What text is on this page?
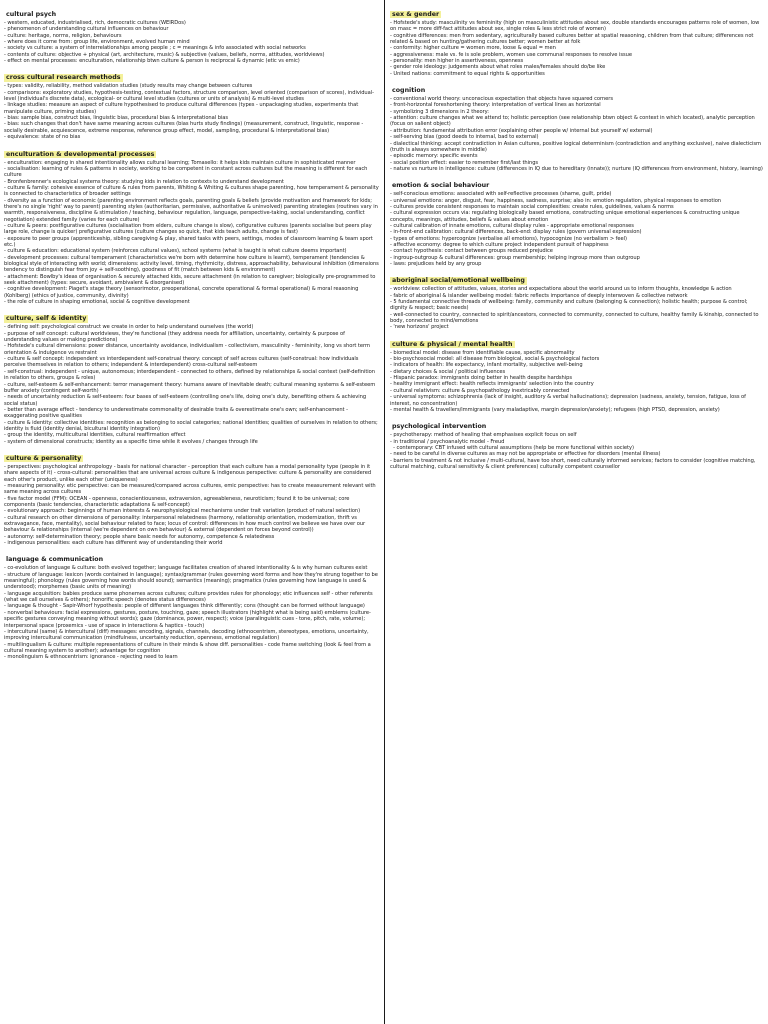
cultural psych
- western, educated, industrialised, rich, democratic cultures (WEIRDos)
- phenomenon of understanding cultural influences on behaviour
- culture: heritage, norms, religion, behaviours
- where does it come from: group life, environment, evolved human mind
- society vs culture: a system of interrelationships among people ; c = meanings & info associated with social networks
- contents of culture: objective + physical (art, architecture, music) & subjective (values, beliefs, norms, attitudes, worldviews)
- effect on mental processes: enculturation, relationship btwn culture & person is reciprocal & dynamic (etic vs emic)
cross cultural research methods
- types: validity, reliability, method validation studies (study results may change between cultures
- comparisons: exploratory studies, hypothesis-testing, contextual factors, structure comparison, level oriented (comparison of scores), individual-level (individual's discrete data), ecological- or cultural level studies (cultures or units of analysis) & multi-level studies
- linkage studies: measure an aspect of culture hypothesised to produce cultural differences (types - unpackaging studies, experiments that manipulate culture, priming studies)
- bias: sample bias, construct bias, linguistic bias, procedural bias & interpretational bias
- bias: such changes that don't have same meaning across cultures (bias hurts study findings) (measurement, construct, linguistic, response - socially desirable, acquiescence, extreme response, reference group effect, model, sampling, procedural & interpretational bias)
- equivalence: state of no bias
enculturation & developmental processes
- enculturation: engaging in shared intentionality allows cultural learning; Tomasello: it helps kids maintain culture in sophisticated manner
- socialisation: learning of rules & patterns in society, working to be competent in constant across cultures but the meaning is different for each culture
- Bronfenbrenner's ecological systems theory: studying kids in relation to contexts to understand development
- culture & family: cohesive essence of culture & rules from parents, Whiting & Whiting & cultures shape parenting, how temperament & personality is connected to characteristics of broader settings
- diversity as a function of economic (parenting environment reflects goals, parenting goals & beliefs (provide motivation and framework for kids; there's no single 'right' way to parent) parenting styles (authoritarian, permissive, authoritative & uninvolved) parenting strategies (routines vary in warmth, responsiveness, discipline & stimulation / teaching, behaviour regulation, language, perspective-taking, social understanding, conflict negotiation) extended family (varies for each culture)
- culture & peers: postfigurative cultures (socialisation from elders, culture change is slow), cofigurative cultures (parents socialise but peers play large role, change is quicker) prefigurative cultures (culture changes so quick, that kids teach adults, change is fast)
- exposure to peer groups (apprenticeship, sibling caregiving & play, shared tasks with peers, settings, modes of classroom learning & team sport etc.)
- culture & education: educational system (reinforces cultural values), school systems (what is taught is what culture deems important)
- development processes: cultural temperament (characteristics we're born with determine how culture is learnt), temperament (tendencies & biological style of interacting with world; dimensions: activity level, timing, rhythmicity, distress, approachability, behavioural inhibition (dimensions tendency to distinguish fear from joy + self-soothing), goodness of fit (match between kids & environment)
- attachment: Bowlby's ideas of organisation & securely attached kids, secure attachment (in relation to caregiver; biologically pre-programmed to seek attachment) (types: secure, avoidant, ambivalent & disorganised)
- cognitive development: Piaget's stage theory (sensorimotor, preoperational, concrete operational & formal operational) & moral reasoning (Kohlberg) (ethics of justice, community, divinity)
- the role of culture in shaping emotional, social & cognitive development
culture, self & identity
- defining self: psychological construct we create in order to help understand ourselves (the world)
- purpose of self concept: cultural worldviews, they're functional (they address needs for affiliation, uncertainty, certainty & purpose of understanding values or making predictions)
- Hofstede's cultural dimensions: power distance, uncertainty avoidance, individualism - collectivism, masculinity - femininity, long vs short term orientation & indulgence vs restraint
- culture & self concept: independent vs interdependent self-construal theory: concept of self across cultures (self-construal: how individuals perceive themselves in relation to others; independent & interdependent) cross-cultural self-esteem
- self-construal: independent - unique, autonomous; interdependent - connected to others, defined by relationships & social context (self-definition in relation to others, groups & roles)
- culture, self-esteem & self-enhancement: terror management theory: humans aware of inevitable death; cultural meaning systems & self-esteem buffer anxiety (contingent self-worth)
- needs of uncertainty reduction & self-esteem: four bases of self-esteem (controlling one's life, doing one's duty, benefiting others & achieving social status)
- better than average effect - tendency to underestimate commonality of desirable traits & overestimate one's own; self-enhancement - exaggerating positive qualities
- culture & identity: collective identities: recognition as belonging to social categories; national identities; qualities of ourselves in relation to others; identity is fluid (identity denial, bicultural identity integration)
- group the identity, multicultural identities, cultural reaffirmation effect
- system of dimensional constructs; identity as a specific time while it evolves / changes through life
culture & personality
- perspectives: psychological anthropology - basis for national character - perception that each culture has a modal personality type (people in it share aspects of it) - cross-cultural: personalities that are universal across culture & indigenous perspective: culture & personality are considered each other's product, unlike each other (uniqueness)
- measuring personality: etic perspective: can be measured/compared across cultures, emic perspective: has to create measurement relevant with same meaning across cultures
- five factor model (FFM): OCEAN - openness, conscientiousness, extraversion, agreeableness, neuroticism; found it to be universal; core components (basic tendencies, characteristic adaptations & self-concept)
- evolutionary approach: beginnings of human interests & neurophysiological mechanisms under trait variation (product of natural selection)
- cultural research on other dimensions of personality: interpersonal relatedness (harmony, relationship orientation, modernization, thrift vs extravagance, face, mentality), social behaviour related to face; locus of control: differences in how much control we believe we have over our behaviour & relationships (internal (we're dependent on own behaviour) & external (dependent on forces beyond control))
- autonomy: self-determination theory; people share basic needs for autonomy, competence & relatedness
- indigenous personalities: each culture has different way of understanding their world
language & communication
- co-evolution of language & culture: both evolved together; language facilitates creation of shared intentionality & is why human cultures exist
- structure of language: lexicon (words contained in language); syntax/grammar (rules governing word forms and how they're strung together to be meaningful); phonology (rules governing how words should sound); semantics (meaning); pragmatics (rules governing how language is used & understood); morphemes (basic units of meaning)
- language acquisition: babies produce same phonemes across cultures; culture provides rules for phonology; etic influences self - other referents (what we call ourselves & others); honorific speech (denotes status differences)
- language & thought - Sapir-Whorf hypothesis: people of different languages think differently; cons (thought can be formed without language)
- nonverbal behaviours: facial expressions, gestures, posture, touching, gaze; speech illustrators (highlight what is being said) emblems (culture-specific gestures conveying meaning without words); gaze (dominance, power, respect); voice (paralinguistic cues - tone, pitch, rate, volume); interpersonal space (proxemics - use of space in interactions & haptics - touch)
- intercultural (same) & intercultural (diff) messages: encoding, signals, channels, decoding (ethnocentrism, stereotypes, emotions, uncertainty, improving intercultural communication (mindfulness, uncertainty reduction, openness, emotional regulation)
- multilingualism & culture: multiple representations of culture in their minds & show diff. personalities - code frame switching (look & feel from a cultural meaning system to another); advantage for cognition
- monolinguism & ethnocentrism: ignorance - rejecting need to learn
sex & gender
- Hofstede's study: masculinity vs femininity (high on masculinistic attitudes about sex, double standards encourages patterns role of women, low on masc = more diff-fact attitudes about sex, single roles & less strict role of women)
- cognitive differences: men from sedentary, agriculturally based cultures better at spatial reasoning, children from that culture; differences not related & based on hunting/gathering cultures better; women better at folk
- conformity: higher culture = women more, loose & equal = men
- aggressiveness: male vs. fe is sole problem, women use communal responses to resolve issue
- personality: men higher in assertiveness, openness
- gender role ideology: judgements about what roles males/females should do/be like
- United nations: commitment to equal rights & opportunities
cognition
- conventional world theory: unconscious expectation that objects have squared corners
- front-horizontal foreshortening theory: interpretation of vertical lines as horizontal
- symbolizing 3 dimensions in 2 theory:
- attention: culture changes what we attend to; holistic perception (see relationship btwn object & context in which located), analytic perception (focus on salient object)
- attribution: fundamental attribution error (explaining other people w/ internal but yourself w/ external)
- self-serving bias (good deeds to internal, bad to external)
- dialectical thinking: accept contradiction in Asian cultures, positive logical determinism (contradiction and anything exclusive), naive dialecticism (truth is always somewhere in middle)
- episodic memory: specific events
- social position effect: easier to remember first/last things
- nature vs nurture in intelligence: culture (differences in IQ due to hereditary (innate)); nurture (IQ differences from environment, history, learning)
emotion & social behaviour
- self-conscious emotions: associated with self-reflective processes (shame, guilt, pride)
- universal emotions: anger, disgust, fear, happiness, sadness, surprise; also in: emotion regulation, physical responses to emotion
- cultures provide consistent responses to maintain social complexities: create rules, guidelines, values & norms
- cultural expression occurs via: regulating biologically based emotions, constructing unique emotional experiences & constructing unique concepts, meanings, attitudes, beliefs & values about emotion
- cultural calibration of innate emotions, cultural display rules - appropriate emotional responses
- in-front-end calibration: cultural differences, back-end: display rules (govern universal expression)
- types of emotions: hypercognize (verbalise all emotions), hypocognize (no verbalism > feel)
- affective economy: degree to which culture project independent pursuit of happiness
- contact hypothesis: contact between groups reduced prejudice
- ingroup-outgroup & cultural differences: group membership; helping ingroup more than outgroup
- laws: prejudices held by any group
aboriginal social/emotional wellbeing
- worldview: collection of attitudes, values, stories and expectations about the world around us to inform thoughts, knowledge & action
- fabric of aboriginal & islander wellbeing model: fabric reflects importance of deeply interwoven & collective network
- 5 fundamental connective threads of wellbeing: family, community and culture (belonging & connection); holistic health; purpose & control; dignity & respect; basic needs)
- well-connected to country, connected to spirit/ancestors, connected to community, connected to culture, healthy family & kinship, connected to body, connected to mind/emotions
- 'new horizons' project
culture & physical / mental health
- biomedical model: disease from identifiable cause, specific abnormality
- bio-psychosocial model: all disease from biological, social & psychological factors
- indicators of health: life expectancy, infant mortality, subjective well-being
- dietary choices & social / political influences
- Hispanic paradox: immigrants doing better in health despite hardships
- healthy immigrant effect: health reflects immigrants' selection into the country
- cultural relativism: culture & psychopathology inextricably connected
- universal symptoms: schizophrenia (lack of insight, auditory & verbal hallucinations); depression (sadness, anxiety, tension, fatigue, loss of interest, no concentration)
- mental health & travellers/immigrants (vary maladaptive, margin depression/anxiety); refugees (high PTSD, depression, anxiety)
psychological intervention
- psychotherapy: method of healing that emphasises explicit focus on self
- in traditional / psychoanalytic model - Freud
- contemporary: CBT infused with cultural assumptions (help be more functional within society)
- need to be careful in diverse cultures as may not be appropriate or effective for disorders (mental illness)
- barriers to treatment & not inclusive / multi-cultural, have too short, need culturally informed services; factors to consider (cognitive matching, cultural matching, cultural sensitivity & client preferences) culturally competent counsellor
